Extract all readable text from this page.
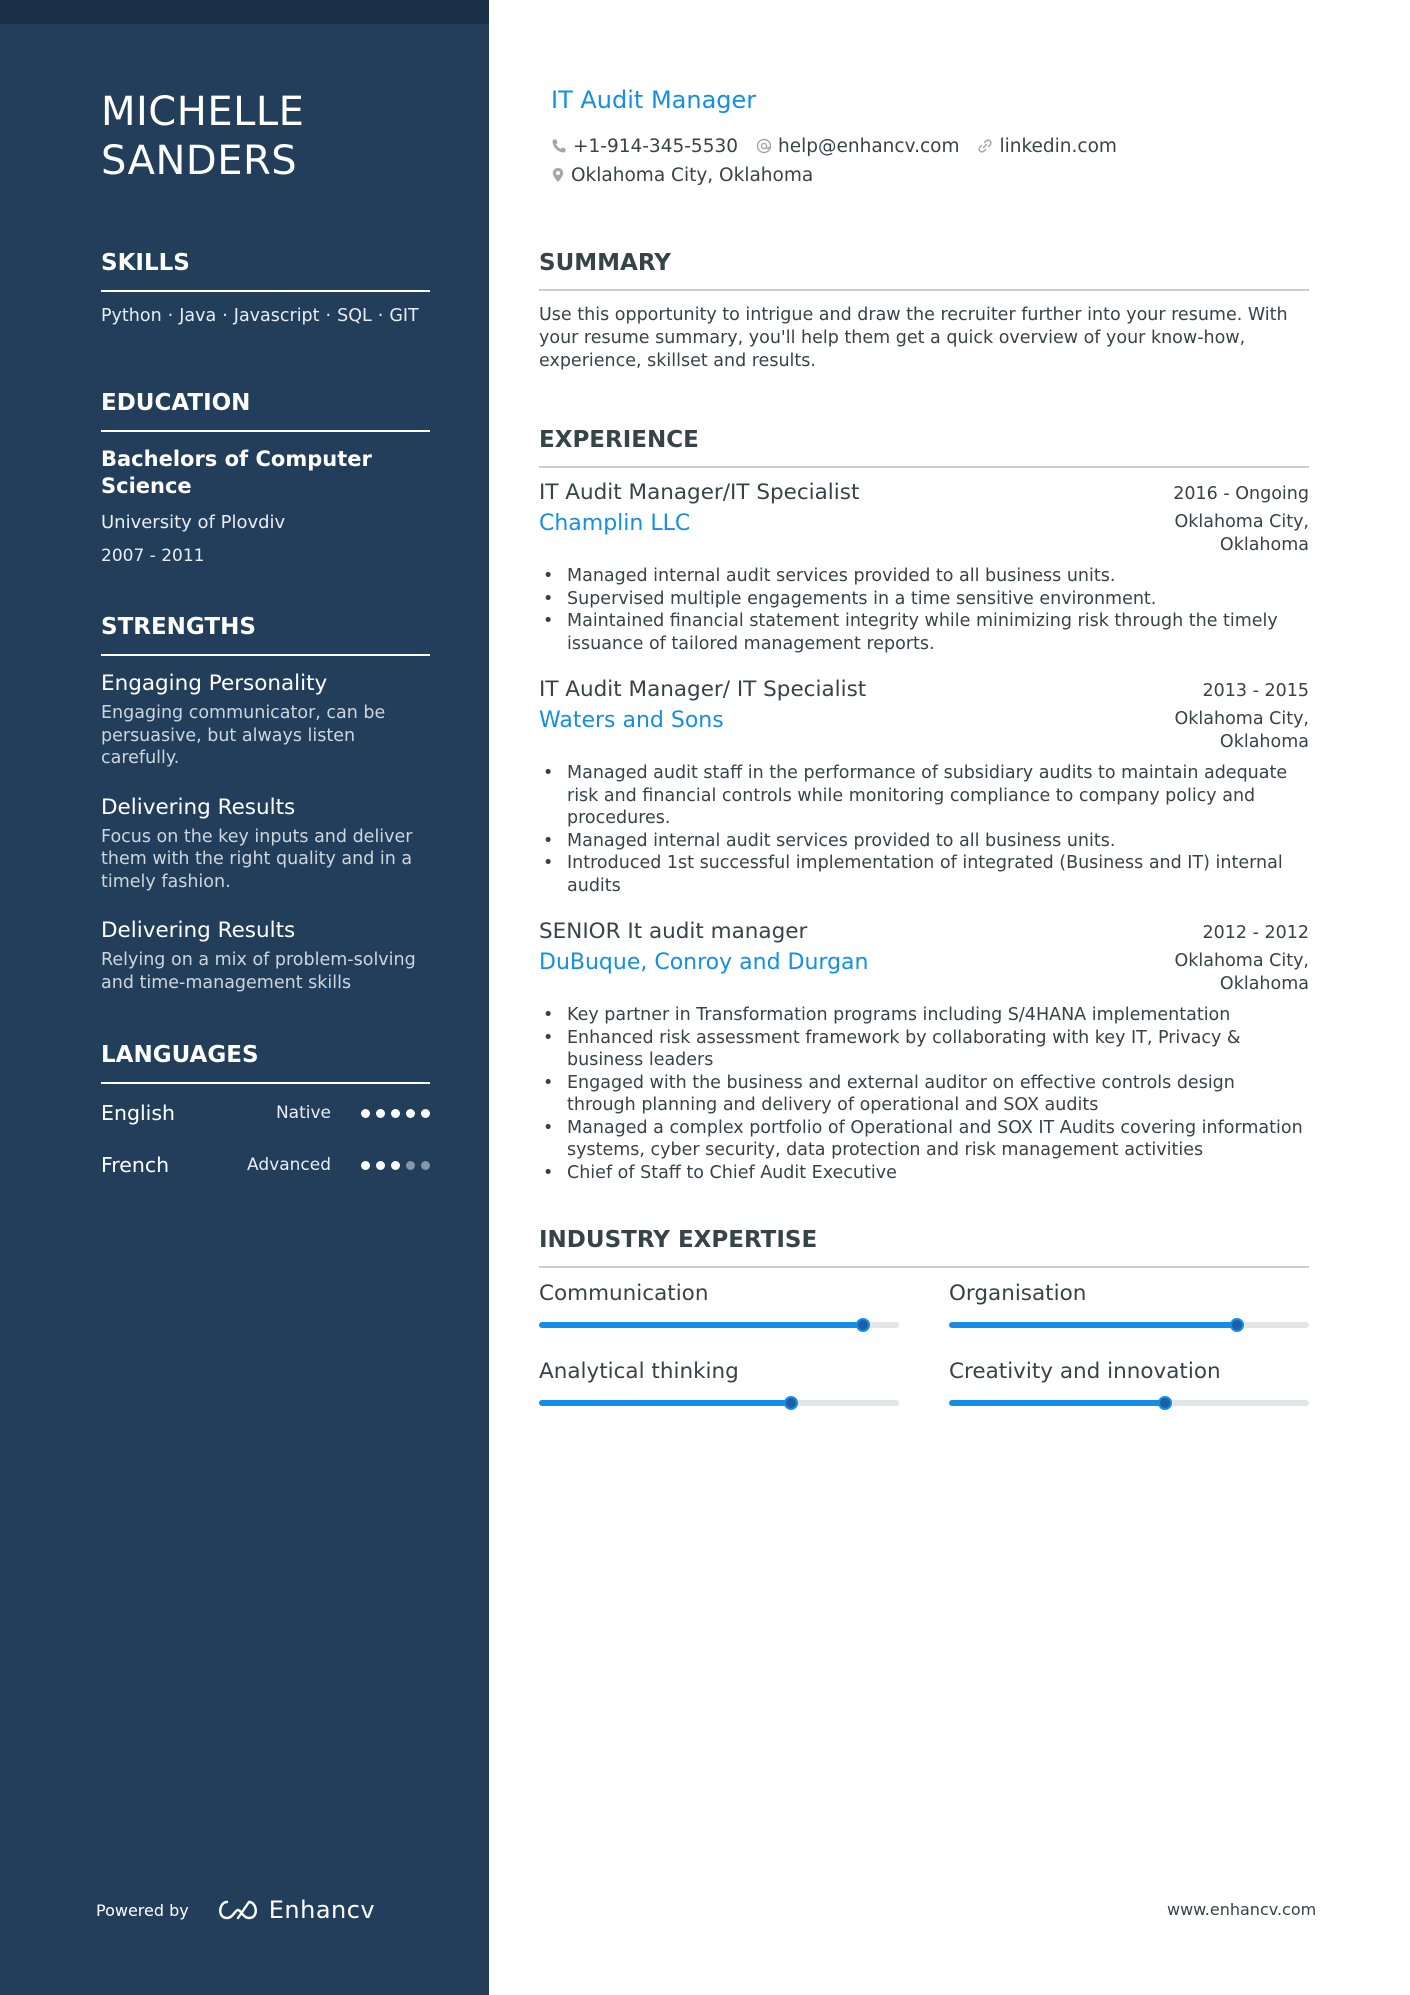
MICHELLE SANDERS
SKILLS
Python · Java · Javascript · SQL · GIT
EDUCATION
Bachelors of Computer Science
University of Plovdiv
2007 - 2011
STRENGTHS
Engaging Personality
Engaging communicator, can be persuasive, but always listen carefully.
Delivering Results
Focus on the key inputs and deliver them with the right quality and in a timely fashion.
Delivering Results
Relying on a mix of problem-solving and time-management skills
LANGUAGES
English	Native
French	Advanced
Powered by	Enhancv
IT Audit Manager
+1-914-345-5530 help@enhancv.com linkedin.com
Oklahoma City, Oklahoma
SUMMARY

Use this opportunity to intrigue and draw the recruiter further into your resume. With your resume summary, you'll help them get a quick overview of your know-how, experience, skillset and results.

EXPERIENCE
IT Audit Manager/IT Specialist	2016 - Ongoing
Champlin LLC	Oklahoma City, Oklahoma
• Managed internal audit services provided to all business units.
• Supervised multiple engagements in a time sensitive environment.
• Maintained financial statement integrity while minimizing risk through the timely issuance of tailored management reports.
IT Audit Manager/ IT Specialist	2013 - 2015
Waters and Sons	Oklahoma City, Oklahoma
• Managed audit staff in the performance of subsidiary audits to maintain adequate risk and financial controls while monitoring compliance to company policy and procedures.
• Managed internal audit services provided to all business units.
• Introduced 1st successful implementation of integrated (Business and IT) internal audits
SENIOR It audit manager	2012 - 2012
DuBuque, Conroy and Durgan	Oklahoma City, Oklahoma
• Key partner in Transformation programs including S/4HANA implementation
• Enhanced risk assessment framework by collaborating with key IT, Privacy & business leaders
• Engaged with the business and external auditor on effective controls design through planning and delivery of operational and SOX audits
• Managed a complex portfolio of Operational and SOX IT Audits covering information systems, cyber security, data protection and risk management activities
• Chief of Staff to Chief Audit Executive
INDUSTRY EXPERTISE
Communication	Organisation
Analytical thinking	Creativity and innovation
www.enhancv.com
